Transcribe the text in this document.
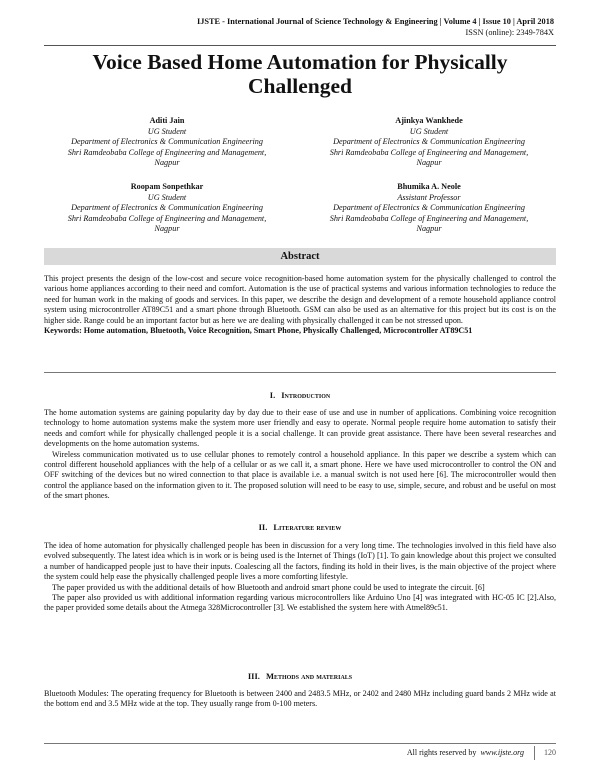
IJSTE - International Journal of Science Technology & Engineering | Volume 4 | Issue 10 | April 2018
ISSN (online): 2349-784X
Voice Based Home Automation for Physically
Challenged
Aditi Jain
UG Student
Department of Electronics & Communication Engineering
Shri Ramdeobaba College of Engineering and Management,
Nagpur
Ajinkya Wankhede
UG Student
Department of Electronics & Communication Engineering
Shri Ramdeobaba College of Engineering and Management,
Nagpur
Roopam Sonpethkar
UG Student
Department of Electronics & Communication Engineering
Shri Ramdeobaba College of Engineering and Management,
Nagpur
Bhumika A. Neole
Assistant Professor
Department of Electronics & Communication Engineering
Shri Ramdeobaba College of Engineering and Management,
Nagpur
Abstract
This project presents the design of the low-cost and secure voice recognition-based home automation system for the physically challenged to control the various home appliances according to their need and comfort. Automation is the use of practical systems and various information technologies to reduce the need for human work in the making of goods and services. In this paper, we describe the design and development of a remote household appliance control system using microcontroller AT89C51 and a smart phone through Bluetooth. GSM can also be used as an alternative for this project but its cost is on the higher side. Range could be an important factor but as here we are dealing with physically challenged it can be not stressed upon.
Keywords: Home automation, Bluetooth, Voice Recognition, Smart Phone, Physically Challenged, Microcontroller AT89C51
I. Introduction

The home automation systems are gaining popularity day by day due to their ease of use and use in number of applications. Combining voice recognition technology to home automation systems make the system more user friendly and easy to operate. Normal people require home automation to satisfy their needs and comfort while for physically challenged people it is a social challenge. It can provide great assistance. There have been several researches and developments on the home automation systems.

Wireless communication motivated us to use cellular phones to remotely control a household appliance. In this paper we describe a system which can control different household appliances with the help of a cellular or as we call it, a smart phone. Here we have used microcontroller to control the ON and OFF switching of the devices but no wired connection to that place is available i.e. a manual switch is not used here [6]. The microcontroller would then control the appliance based on the information given to it. The proposed solution will need to be easy to use, simple, secure, and robust and be useful on most of the smart phones.

II. Literature review

The idea of home automation for physically challenged people has been in discussion for a very long time. The technologies involved in this field have also evolved subsequently. The latest idea which is in work or is being used is the Internet of Things (IoT) [1]. To gain knowledge about this project we consulted a number of handicapped people just to have their inputs. Coalescing all the factors, finding its hold in their lives, is the main objective of the project where the system could help ease the physically challenged people lives a more comforting lifestyle.

The paper provided us with the additional details of how Bluetooth and android smart phone could be used to integrate the circuit. [6]

The paper also provided us with additional information regarding various microcontrollers like Arduino Uno [4] was integrated with HC-05 IC [2].Also, the paper provided some details about the Atmega 328Microcontroller [3]. We established the system here with Atmel89c51.

III. Methods and materials

Bluetooth Modules: The operating frequency for Bluetooth is between 2400 and 2483.5 MHz, or 2402 and 2480 MHz including guard bands 2 MHz wide at the bottom end and 3.5 MHz wide at the top. They usually range from 0-100 meters.

All rights reserved by www.ijste.org	120
